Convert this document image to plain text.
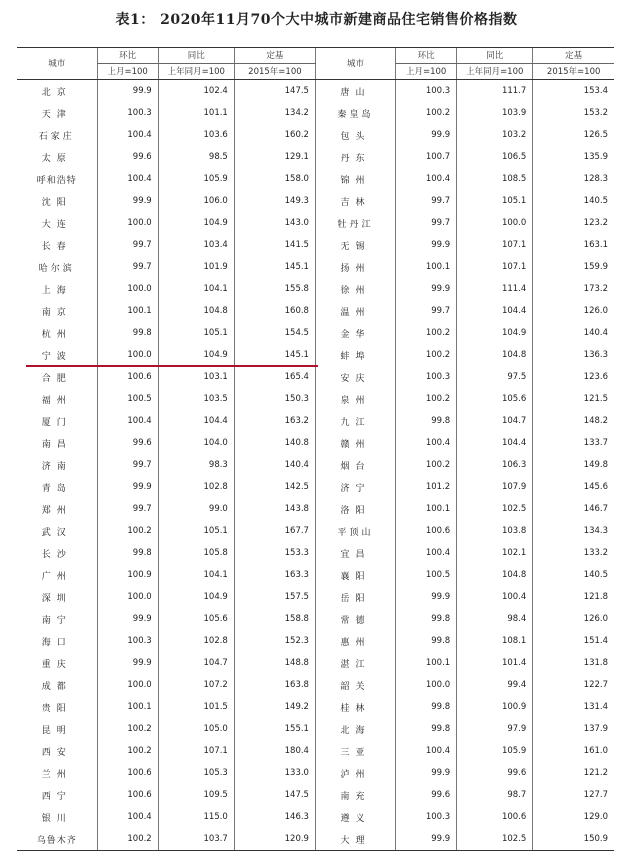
表1： 2020年11月70个大中城市新建商品住宅销售价格指数
城市	环比	同比	定基	城市	环比	同比	定基
	上月=100	上年同月=100	2015年=100		上月=100	上年同月=100	2015年=100
北京	99.9	102.4	147.5	唐山	100.3	111.7	153.4
天津	100.3	101.1	134.2	秦皇岛	100.2	103.9	153.2
石家庄	100.4	103.6	160.2	包头	99.9	103.2	126.5
太原	99.6	98.5	129.1	丹东	100.7	106.5	135.9
呼和浩特	100.4	105.9	158.0	锦州	100.4	108.5	128.3
沈阳	99.9	106.0	149.3	吉林	99.7	105.1	140.5
大连	100.0	104.9	143.0	牡丹江	99.7	100.0	123.2
长春	99.7	103.4	141.5	无锡	99.9	107.1	163.1
哈尔滨	99.7	101.9	145.1	扬州	100.1	107.1	159.9
上海	100.0	104.1	155.8	徐州	99.9	111.4	173.2
南京	100.1	104.8	160.8	温州	99.7	104.4	126.0
杭州	99.8	105.1	154.5	金华	100.2	104.9	140.4
宁波	100.0	104.9	145.1	蚌埠	100.2	104.8	136.3
合肥	100.6	103.1	165.4	安庆	100.3	97.5	123.6
福州	100.5	103.5	150.3	泉州	100.2	105.6	121.5
厦门	100.4	104.4	163.2	九江	99.8	104.7	148.2
南昌	99.6	104.0	140.8	赣州	100.4	104.4	133.7
济南	99.7	98.3	140.4	烟台	100.2	106.3	149.8
青岛	99.9	102.8	142.5	济宁	101.2	107.9	145.6
郑州	99.7	99.0	143.8	洛阳	100.1	102.5	146.7
武汉	100.2	105.1	167.7	平顶山	100.6	103.8	134.3
长沙	99.8	105.8	153.3	宜昌	100.4	102.1	133.2
广州	100.9	104.1	163.3	襄阳	100.5	104.8	140.5
深圳	100.0	104.9	157.5	岳阳	99.9	100.4	121.8
南宁	99.9	105.6	158.8	常德	99.8	98.4	126.0
海口	100.3	102.8	152.3	惠州	99.8	108.1	151.4
重庆	99.9	104.7	148.8	湛江	100.1	101.4	131.8
成都	100.0	107.2	163.8	韶关	100.0	99.4	122.7
贵阳	100.1	101.5	149.2	桂林	99.8	100.9	131.4
昆明	100.2	105.0	155.1	北海	99.8	97.9	137.9
西安	100.2	107.1	180.4	三亚	100.4	105.9	161.0
兰州	100.6	105.3	133.0	泸州	99.9	99.6	121.2
西宁	100.6	109.5	147.5	南充	99.6	98.7	127.7
银川	100.4	115.0	146.3	遵义	100.3	100.6	129.0
乌鲁木齐	100.2	103.7	120.9	大理	99.9	102.5	150.9
